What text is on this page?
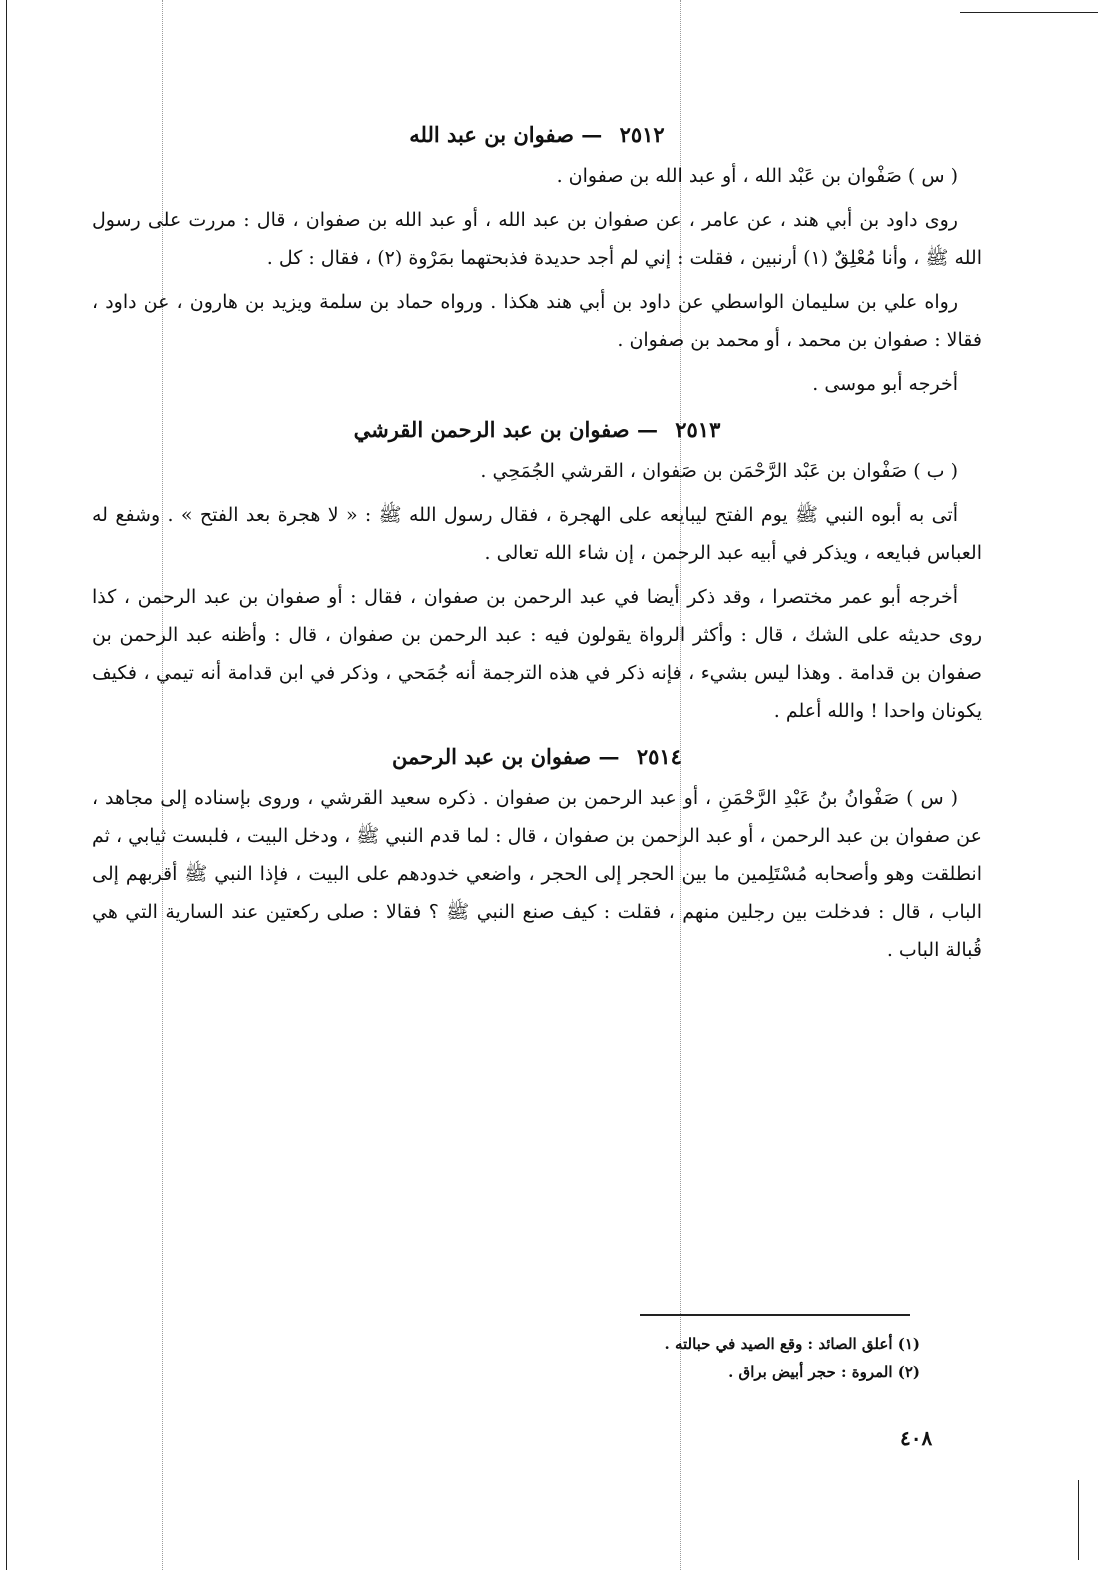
٢٥١٢ — صفوان بن عبد الله

( س ) صَفْوان بن عَبْد الله ، أو عبد الله بن صفوان .

روى داود بن أبي هند ، عن عامر ، عن صفوان بن عبد الله ، أو عبد الله بن صفوان ، قال : مررت على رسول الله ﷺ ، وأنا مُعْلِقٌ (١) أرنبين ، فقلت : إني لم أجد حديدة فذبحتهما بمَرْوة (٢) ، فقال : كل .

رواه علي بن سليمان الواسطي عن داود بن أبي هند هكذا . ورواه حماد بن سلمة ويزيد بن هارون ، عن داود ، فقالا : صفوان بن محمد ، أو محمد بن صفوان .

أخرجه أبو موسى .

٢٥١٣ — صفوان بن عبد الرحمن القرشي

( ب ) صَفْوان بن عَبْد الرَّحْمَن بن صَفوان ، القرشي الجُمَحِي .

أتى به أبوه النبي ﷺ يوم الفتح ليبايعه على الهجرة ، فقال رسول الله ﷺ : « لا هجرة بعد الفتح » . وشفع له العباس فبايعه ، ويذكر في أبيه عبد الرحمن ، إن شاء الله تعالى .

أخرجه أبو عمر مختصرا ، وقد ذكر أيضا في عبد الرحمن بن صفوان ، فقال : أو صفوان بن عبد الرحمن ، كذا روى حديثه على الشك ، قال : وأكثر الرواة يقولون فيه : عبد الرحمن بن صفوان ، قال : وأظنه عبد الرحمن بن صفوان بن قدامة . وهذا ليس بشيء ، فإنه ذكر في هذه الترجمة أنه جُمَحي ، وذكر في ابن قدامة أنه تيمي ، فكيف يكونان واحدا ! والله أعلم .

٢٥١٤ — صفوان بن عبد الرحمن

( س ) صَفْوانُ بنُ عَبْدِ الرَّحْمَنِ ، أو عبد الرحمن بن صفوان . ذكره سعيد القرشي ، وروى بإسناده إلى مجاهد ، عن صفوان بن عبد الرحمن ، أو عبد الرحمن بن صفوان ، قال : لما قدم النبي ﷺ ، ودخل البيت ، فلبست ثيابي ، ثم انطلقت وهو وأصحابه مُسْتَلِمين ما بين الحجر إلى الحجر ، واضعي خدودهم على البيت ، فإذا النبي ﷺ أقربهم إلى الباب ، قال : فدخلت بين رجلين منهم ، فقلت : كيف صنع النبي ﷺ ؟ فقالا : صلى ركعتين عند السارية التي هي قُبالة الباب .

(١) أعلق الصائد : وقع الصيد في حبالته .
(٢) المروة : حجر أبيض براق .
٤٠٨
